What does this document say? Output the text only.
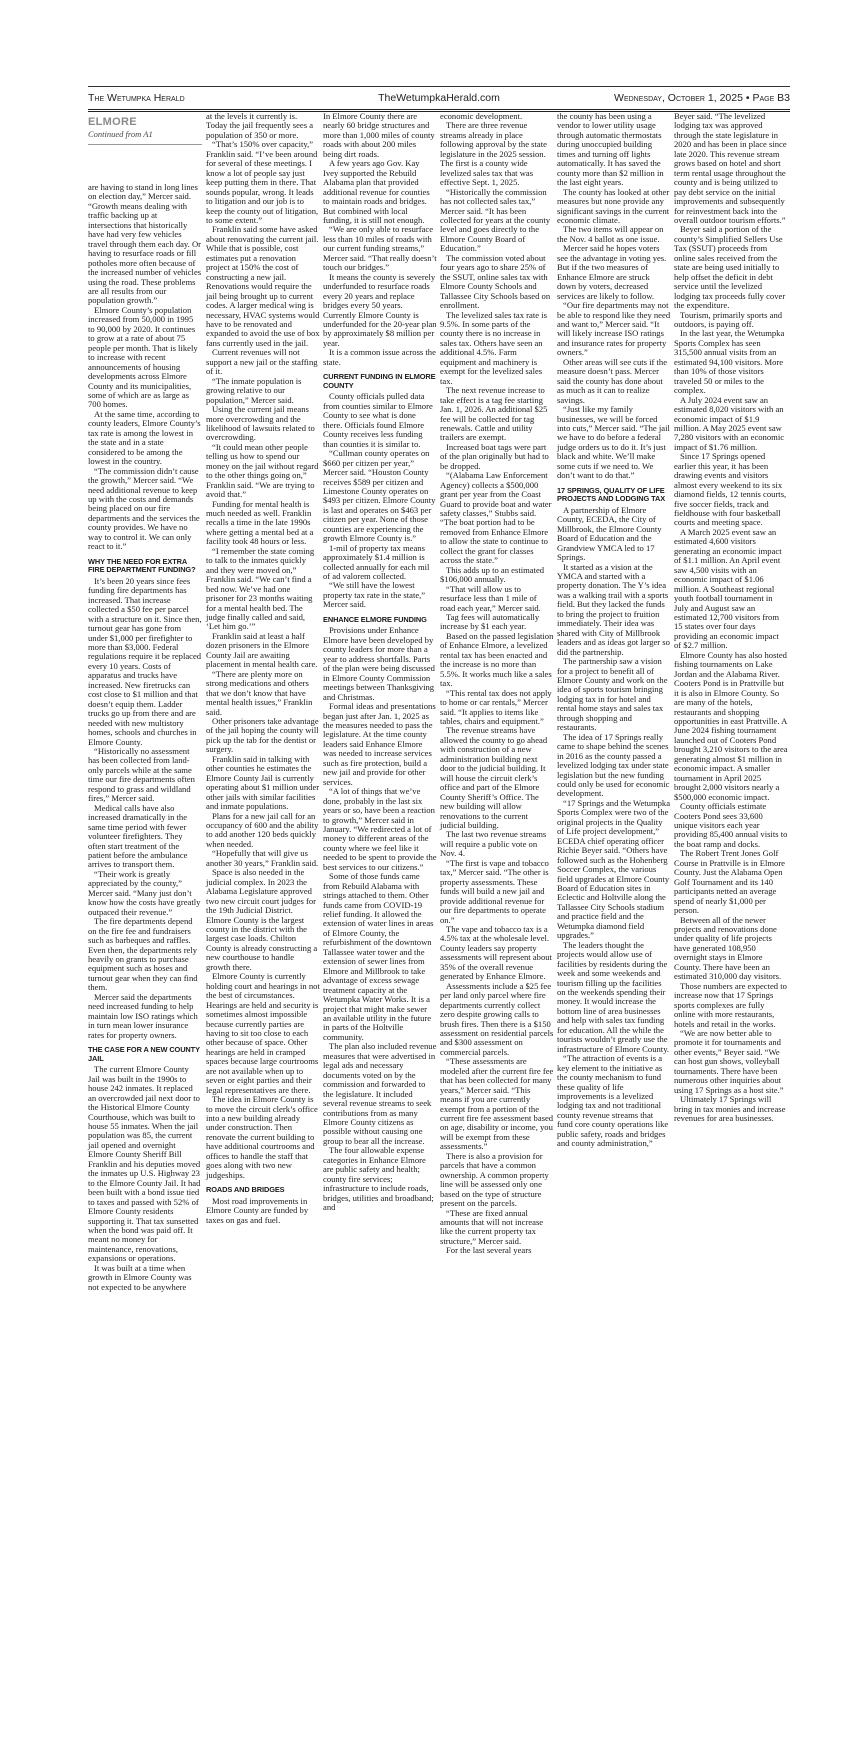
The Wetumpka Herald	TheWetumpkaHerald.com	Wednesday, October 1, 2025 • Page B3
ELMORE
Continued from A1

are having to stand in long lines on election day,” Mercer said. “Growth means dealing with traffic backing up at intersections that historically have had very few vehicles travel through them each day. Or having to resurface roads or fill potholes more often because of the increased number of vehicles using the road. These problems are all results from our population growth.”

Elmore County’s population increased from 50,000 in 1995 to 90,000 by 2020. It continues to grow at a rate of about 75 people per month. That is likely to increase with recent announcements of housing developments across Elmore County and its municipalities, some of which are as large as 700 homes.

At the same time, according to county leaders, Elmore County’s tax rate is among the lowest in the state and in a state considered to be among the lowest in the country.

“The commission didn’t cause the growth,” Mercer said. “We need additional revenue to keep up with the costs and demands being placed on our fire departments and the services the county provides. We have no way to control it. We can only react to it.”

WHY THE NEED FOR EXTRA FIRE DEPARTMENT FUNDING?

It’s been 20 years since fees funding fire departments has increased. That increase collected a $50 fee per parcel with a structure on it. Since then, turnout gear has gone from under $1,000 per firefighter to more than $3,000. Federal regulations require it be replaced every 10 years. Costs of apparatus and trucks have increased. New firetrucks can cost close to $1 million and that doesn’t equip them. Ladder trucks go up from there and are needed with new multistory homes, schools and churches in Elmore County.

“Historically no assessment has been collected from land-only parcels while at the same time our fire departments often respond to grass and wildland fires,” Mercer said.

Medical calls have also increased dramatically in the same time period with fewer volunteer firefighters. They often start treatment of the patient before the ambulance arrives to transport them.

“Their work is greatly appreciated by the county,” Mercer said. “Many just don’t know how the costs have greatly outpaced their revenue.”

The fire departments depend on the fire fee and fundraisers such as barbeques and raffles. Even then, the departments rely heavily on grants to purchase equipment such as hoses and turnout gear when they can find them.

Mercer said the departments need increased funding to help maintain low ISO ratings which in turn mean lower insurance rates for property owners.

THE CASE FOR A NEW COUNTY JAIL

The current Elmore County Jail was built in the 1990s to house 242 inmates. It replaced an overcrowded jail next door to the Historical Elmore County Courthouse, which was built to house 55 inmates. When the jail population was 85, the current jail opened and overnight Elmore County Sheriff Bill Franklin and his deputies moved the inmates up U.S. Highway 23 to the Elmore County Jail. It had been built with a bond issue tied to taxes and passed with 52% of Elmore County residents supporting it. That tax sunsetted when the bond was paid off. It meant no money for maintenance, renovations, expansions or operations.

It was built at a time when growth in Elmore County was not expected to be anywhere

at the levels it currently is. Today the jail frequently sees a population of 350 or more.

“That’s 150% over capacity,” Franklin said. “I’ve been around for several of these meetings. I know a lot of people say just keep putting them in there. That sounds popular, wrong. It leads to litigation and our job is to keep the county out of litigation, to some extent.”

Franklin said some have asked about renovating the current jail. While that is possible, cost estimates put a renovation project at 150% the cost of constructing a new jail. Renovations would require the jail being brought up to current codes. A larger medical wing is necessary, HVAC systems would have to be renovated and expanded to avoid the use of box fans currently used in the jail.

Current revenues will not support a new jail or the staffing of it.

“The inmate population is growing relative to our population,” Mercer said.

Using the current jail means more overcrowding and the likelihood of lawsuits related to overcrowding.

“It could mean other people telling us how to spend our money on the jail without regard to the other things going on,” Franklin said. “We are trying to avoid that.”

Funding for mental health is much needed as well. Franklin recalls a time in the late 1990s where getting a mental bed at a facility took 48 hours or less.

“I remember the state coming to talk to the inmates quickly and they were moved on,” Franklin said. “We can’t find a bed now. We’ve had one prisoner for 23 months waiting for a mental health bed. The judge finally called and said, ‘Let him go.’”

Franklin said at least a half dozen prisoners in the Elmore County Jail are awaiting placement in mental health care.

“There are plenty more on strong medications and others that we don’t know that have mental health issues,” Franklin said.

Other prisoners take advantage of the jail hoping the county will pick up the tab for the dentist or surgery.

Franklin said in talking with other counties he estimates the Elmore County Jail is currently operating about $1 million under other jails with similar facilities and inmate populations.

Plans for a new jail call for an occupancy of 600 and the ability to add another 120 beds quickly when needed.

“Hopefully that will give us another 30 years,” Franklin said.

Space is also needed in the judicial complex. In 2023 the Alabama Legislature approved two new circuit court judges for the 19th Judicial District. Elmore County is the largest county in the district with the largest case loads. Chilton County is already constructing a new courthouse to handle growth there.

Elmore County is currently holding court and hearings in not the best of circumstances. Hearings are held and security is sometimes almost impossible because currently parties are having to sit too close to each other because of space. Other hearings are held in cramped spaces because large courtrooms are not available when up to seven or eight parties and their legal representatives are there.

The idea in Elmore County is to move the circuit clerk’s office into a new building already under construction. Then renovate the current building to have additional courtrooms and offices to handle the staff that goes along with two new judgeships.

ROADS AND BRIDGES

Most road improvements in Elmore County are funded by taxes on gas and fuel.

In Elmore County there are nearly 60 bridge structures and more than 1,000 miles of county roads with about 200 miles being dirt roads.

A few years ago Gov. Kay Ivey supported the Rebuild Alabama plan that provided additional revenue for counties to maintain roads and bridges. But combined with local funding, it is still not enough.

“We are only able to resurface less than 10 miles of roads with our current funding streams,” Mercer said. “That really doesn’t touch our bridges.”

It means the county is severely underfunded to resurface roads every 20 years and replace bridges every 50 years. Currently Elmore County is underfunded for the 20-year plan by approximately $8 million per year.

It is a common issue across the state.

CURRENT FUNDING IN ELMORE COUNTY

County officials pulled data from counties similar to Elmore County to see what is done there. Officials found Elmore County receives less funding than counties it is similar to.

“Cullman county operates on $660 per citizen per year,” Mercer said. “Houston County receives $589 per citizen and Limestone County operates on $493 per citizen. Elmore County is last and operates on $463 per citizen per year. None of those counties are experiencing the growth Elmore County is.”

1-mil of property tax means approximately $1.4 million is collected annually for each mil of ad valorem collected.

“We still have the lowest property tax rate in the state,” Mercer said.

ENHANCE ELMORE FUNDING

Provisions under Enhance Elmore have been developed by county leaders for more than a year to address shortfalls. Parts of the plan were being discussed in Elmore County Commission meetings between Thanksgiving and Christmas.

Formal ideas and presentations began just after Jan. 1, 2025 as the measures needed to pass the legislature. At the time county leaders said Enhance Elmore was needed to increase services such as fire protection, build a new jail and provide for other services.

“A lot of things that we’ve done, probably in the last six years or so, have been a reaction to growth,” Mercer said in January. “We redirected a lot of money to different areas of the county where we feel like it needed to be spent to provide the best services to our citizens.”

Some of those funds came from Rebuild Alabama with strings attached to them. Other funds came from COVID-19 relief funding. It allowed the extension of water lines in areas of Elmore County, the refurbishment of the downtown Tallassee water tower and the extension of sewer lines from Elmore and Millbrook to take advantage of excess sewage treatment capacity at the Wetumpka Water Works. It is a project that might make sewer an available utility in the future in parts of the Holtville community.

The plan also included revenue measures that were advertised in legal ads and necessary documents voted on by the commission and forwarded to the legislature. It included several revenue streams to seek contributions from as many Elmore County citizens as possible without causing one group to bear all the increase.

The four allowable expense categories in Enhance Elmore are public safety and health; county fire services; infrastructure to include roads, bridges, utilities and broadband; and

economic development.

There are three revenue streams already in place following approval by the state legislature in the 2025 session. The first is a county wide levelized sales tax that was effective Sept. 1, 2025.

“Historically the commission has not collected sales tax,” Mercer said. “It has been collected for years at the county level and goes directly to the Elmore County Board of Education.”

The commission voted about four years ago to share 25% of the SSUT, online sales tax with Elmore County Schools and Tallassee City Schools based on enrollment.

The levelized sales tax rate is 9.5%. In some parts of the county there is no increase in sales tax. Others have seen an additional 4.5%. Farm equipment and machinery is exempt for the levelized sales tax.

The next revenue increase to take effect is a tag fee starting Jan. 1, 2026. An additional $25 fee will be collected for tag renewals. Cattle and utility trailers are exempt.

Increased boat tags were part of the plan originally but had to be dropped.

“(Alabama Law Enforcement Agency) collects a $500,000 grant per year from the Coast Guard to provide boat and water safety classes,” Stubbs said. “The boat portion had to be removed from Enhance Elmore to allow the state to continue to collect the grant for classes across the state.”

This adds up to an estimated $106,000 annually.

“That will allow us to resurface less than 1 mile of road each year,” Mercer said.

Tag fees will automatically increase by $1 each year.

Based on the passed legislation of Enhance Elmore, a levelized rental tax has been enacted and the increase is no more than 5.5%. It works much like a sales tax.

“This rental tax does not apply to home or car rentals,” Mercer said. “It applies to items like tables, chairs and equipment.”

The revenue streams have allowed the county to go ahead with construction of a new administration building next door to the judicial building. It will house the circuit clerk’s office and part of the Elmore County Sheriff’s Office. The new building will allow renovations to the current judicial building.

The last two revenue streams will require a public vote on Nov. 4.

“The first is vape and tobacco tax,” Mercer said. “The other is property assessments. These funds will build a new jail and provide additional revenue for our fire departments to operate on.”

The vape and tobacco tax is a 4.5% tax at the wholesale level. County leaders say property assessments will represent about 35% of the overall revenue generated by Enhance Elmore.

Assessments include a $25 fee per land only parcel where fire departments currently collect zero despite growing calls to brush fires. Then there is a $150 assessment on residential parcels and $300 assessment on commercial parcels.

“These assessments are modeled after the current fire fee that has been collected for many years,” Mercer said. “This means if you are currently exempt from a portion of the current fire fee assessment based on age, disability or income, you will be exempt from these assessments.”

There is also a provision for parcels that have a common ownership. A common property line will be assessed only one based on the type of structure present on the parcels.

“These are fixed annual amounts that will not increase like the current property tax structure,” Mercer said.

For the last several years

the county has been using a vendor to lower utility usage through automatic thermostats during unoccupied building times and turning off lights automatically. It has saved the county more than $2 million in the last eight years.

The county has looked at other measures but none provide any significant savings in the current economic climate.

The two items will appear on the Nov. 4 ballot as one issue.

Mercer said he hopes voters see the advantage in voting yes. But if the two measures of Enhance Elmore are struck down by voters, decreased services are likely to follow.

“Our fire departments may not be able to respond like they need and want to,” Mercer said. “It will likely increase ISO ratings and insurance rates for property owners.”

Other areas will see cuts if the measure doesn’t pass. Mercer said the county has done about as much as it can to realize savings.

“Just like my family businesses, we will be forced into cuts,” Mercer said. “The jail we have to do before a federal judge orders us to do it. It’s just black and white. We’ll make some cuts if we need to. We don’t want to do that.”

17 SPRINGS, QUALITY OF LIFE PROJECTS AND LODGING TAX

A partnership of Elmore County, ECEDA, the City of Millbrook, the Elmore County Board of Education and the Grandview YMCA led to 17 Springs.

It started as a vision at the YMCA and started with a property donation. The Y’s idea was a walking trail with a sports field. But they lacked the funds to bring the project to fruition immediately. Their idea was shared with City of Millbrook leaders and as ideas got larger so did the partnership.

The partnership saw a vision for a project to benefit all of Elmore County and work on the idea of sports tourism bringing lodging tax in for hotel and rental home stays and sales tax through shopping and restaurants.

The idea of 17 Springs really came to shape behind the scenes in 2016 as the county passed a levelized lodging tax under state legislation but the new funding could only be used for economic development.

“17 Springs and the Wetumpka Sports Complex were two of the original projects in the Quality of Life project development,” ECEDA chief operating officer Richie Beyer said. “Others have followed such as the Hohenberg Soccer Complex, the various field upgrades at Elmore County Board of Education sites in Eclectic and Holtville along the Tallassee City Schools stadium and practice field and the Wetumpka diamond field upgrades.”

The leaders thought the projects would allow use of facilities by residents during the week and some weekends and tourism filling up the facilities on the weekends spending their money. It would increase the bottom line of area businesses and help with sales tax funding for education. All the while the tourists wouldn’t greatly use the infrastructure of Elmore County.

“The attraction of events is a key element to the initiative as the county mechanism to fund these quality of life improvements is a levelized lodging tax and not traditional county revenue streams that fund core county operations like public safety, roads and bridges and county administration,”

Beyer said. “The levelized lodging tax was approved through the state legislature in 2020 and has been in place since late 2020. This revenue stream grows based on hotel and short term rental usage throughout the county and is being utilized to pay debt service on the initial improvements and subsequently for reinvestment back into the overall outdoor tourism efforts.”

Beyer said a portion of the county’s Simplified Sellers Use Tax (SSUT) proceeds from online sales received from the state are being used initially to help offset the deficit in debt service until the levelized lodging tax proceeds fully cover the expenditure.

Tourism, primarily sports and outdoors, is paying off.

In the last year, the Wetumpka Sports Complex has seen 315,500 annual visits from an estimated 94,100 visitors. More than 10% of those visitors traveled 50 or miles to the complex.

A July 2024 event saw an estimated 8,020 visitors with an economic impact of $1.9 million. A May 2025 event saw 7,280 visitors with an economic impact of $1.76 million.

Since 17 Springs opened earlier this year, it has been drawing events and visitors almost every weekend to its six diamond fields, 12 tennis courts, five soccer fields, track and fieldhouse with four basketball courts and meeting space.

A March 2025 event saw an estimated 4,600 visitors generating an economic impact of $1.1 million. An April event saw 4,500 visits with an economic impact of $1.06 million. A Southeast regional youth football tournament in July and August saw an estimated 12,700 visitors from 15 states over four days providing an economic impact of $2.7 million.

Elmore County has also hosted fishing tournaments on Lake Jordan and the Alabama River. Cooters Pond is in Prattville but it is also in Elmore County. So are many of the hotels, restaurants and shopping opportunities in east Prattville. A June 2024 fishing tournament launched out of Cooters Pond brought 3,210 visitors to the area generating almost $1 million in economic impact. A smaller tournament in April 2025 brought 2,000 visitors nearly a $500,000 economic impact.

County officials estimate Cooters Pond sees 33,600 unique visitors each year providing 85,400 annual visits to the boat ramp and docks.

The Robert Trent Jones Golf Course in Prattville is in Elmore County. Just the Alabama Open Golf Tournament and its 140 participants netted an average spend of nearly $1,000 per person.

Between all of the newer projects and renovations done under quality of life projects have generated 108,950 overnight stays in Elmore County. There have been an estimated 310,000 day visitors.

Those numbers are expected to increase now that 17 Springs sports complexes are fully online with more restaurants, hotels and retail in the works.

“We are now better able to promote it for tournaments and other events,” Beyer said. “We can host gun shows, volleyball tournaments. There have been numerous other inquiries about using 17 Springs as a host site.”

Ultimately 17 Springs will bring in tax monies and increase revenues for area businesses.
